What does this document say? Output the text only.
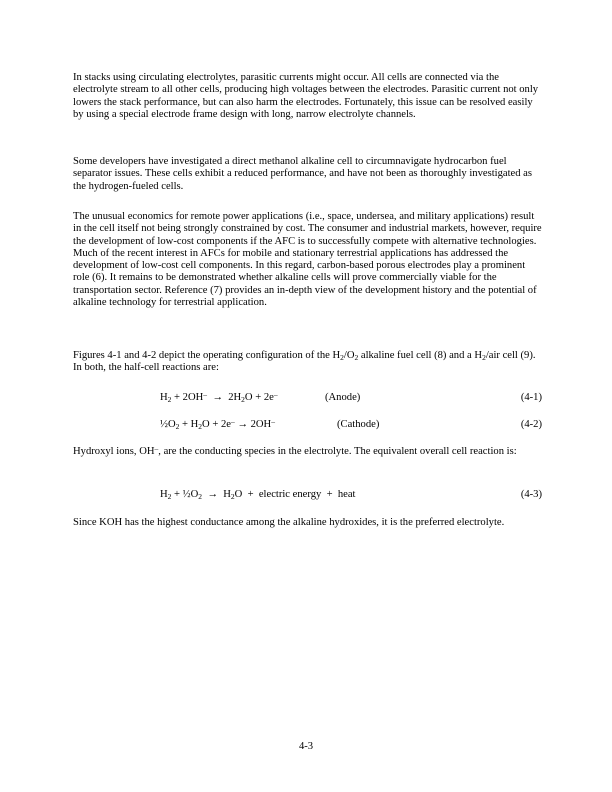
In stacks using circulating electrolytes, parasitic currents might occur. All cells are connected via the electrolyte stream to all other cells, producing high voltages between the electrodes. Parasitic current not only lowers the stack performance, but can also harm the electrodes. Fortunately, this issue can be resolved easily by using a special electrode frame design with long, narrow electrolyte channels.

Some developers have investigated a direct methanol alkaline cell to circumnavigate hydrocarbon fuel separator issues. These cells exhibit a reduced performance, and have not been as thoroughly investigated as the hydrogen-fueled cells.

The unusual economics for remote power applications (i.e., space, undersea, and military applications) result in the cell itself not being strongly constrained by cost. The consumer and industrial markets, however, require the development of low-cost components if the AFC is to successfully compete with alternative technologies. Much of the recent interest in AFCs for mobile and stationary terrestrial applications has addressed the development of low-cost cell components. In this regard, carbon-based porous electrodes play a prominent role (6). It remains to be demonstrated whether alkaline cells will prove commercially viable for the transportation sector. Reference (7) provides an in-depth view of the development history and the potential of alkaline technology for terrestrial application.

Figures 4-1 and 4-2 depict the operating configuration of the $H_2/O_2$ alkaline fuel cell (8) and a $H_2$/air cell (9). In both, the half-cell reactions are:

$H_2 + 2OH^- \to 2H_2O + 2e^-$	(Anode)	(4-1)
$\frac{1}{2}O_2 + H_2O + 2e^- \to 2OH^-$	(Cathode)	(4-2)

Hydroxyl ions, OH–, are the conducting species in the electrolyte. The equivalent overall cell reaction is:

$H_2$ + $\frac{1}{2}O_2 \to H_2O$  +  electric energy  +  heat	(4-3)

Since KOH has the highest conductance among the alkaline hydroxides, it is the preferred electrolyte.

4-3
